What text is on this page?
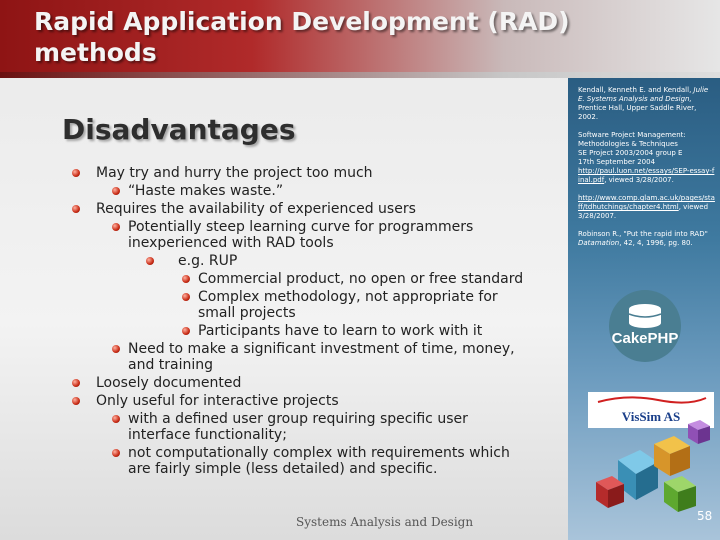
Rapid Application Development (RAD) methods
Kendall, Kenneth E. and Kendall, Julie E. Systems Analysis and Design, Prentice Hall, Upper Saddle River, 2002.
Software Project Management:
Methodologies & Techniques
SE Project 2003/2004 group E
17th September 2004
http://paul.luon.net/essays/SEP-essay-final.pdf, viewed 3/28/2007.
http://www.comp.glam.ac.uk/pages/staff/tdhutchings/chapter4.html, viewed 3/28/2007.
Robinson R., "Put the rapid into RAD" Datamation, 42, 4, 1996, pg. 80.
CakePHP
VisSim AS
Disadvantages
May try and hurry the project too much
“Haste makes waste.”
Requires the availability of experienced users
Potentially steep learning curve for programmers inexperienced with RAD tools
e.g. RUP
Commercial product, no open or free standard
Complex methodology, not appropriate for small projects
Participants have to learn to work with it
Need to make a significant investment of time, money, and training
Loosely documented
Only useful for interactive projects
with a defined user group requiring specific user interface functionality;
not computationally complex with requirements which are fairly simple (less detailed) and specific.
Systems Analysis and Design	58
